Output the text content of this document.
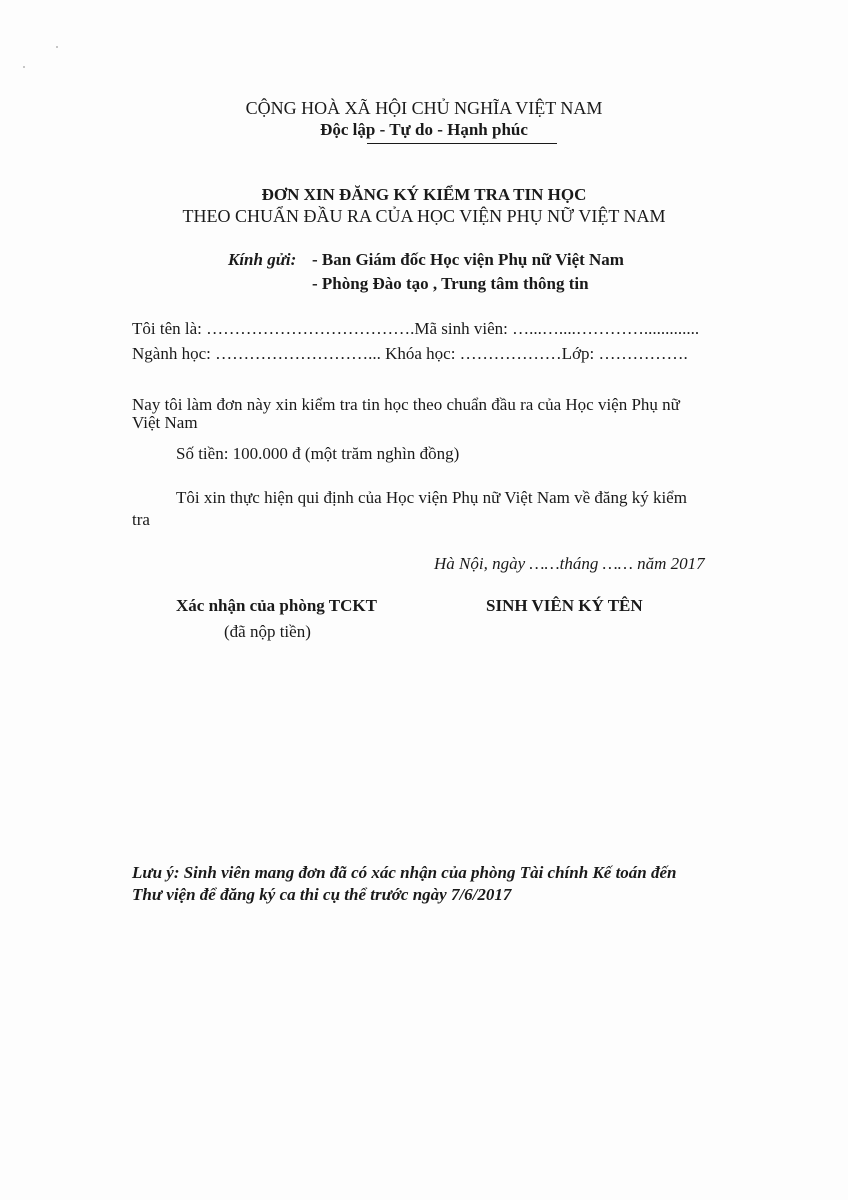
CỘNG HOÀ XÃ HỘI CHỦ NGHĨA VIỆT NAM
Độc lập - Tự do - Hạnh phúc
ĐƠN XIN ĐĂNG KÝ KIỂM TRA TIN HỌC
THEO CHUẨN ĐẦU RA CỦA HỌC VIỆN PHỤ NỮ VIỆT NAM
Kính gửi: - Ban Giám đốc Học viện Phụ nữ Việt Nam
- Phòng Đào tạo , Trung tâm thông tin
Tôi tên là: ……………………………….Mã sinh viên: …...…....………….............
Ngành học: ………………………... Khóa học: ………………Lớp: …………….
Nay tôi làm đơn này xin kiểm tra tin học theo chuẩn đầu ra của Học viện Phụ nữ
Việt Nam
Số tiền: 100.000 đ (một trăm nghìn đồng)
Tôi xin thực hiện qui định của Học viện Phụ nữ Việt Nam về đăng ký kiểm
tra
Hà Nội, ngày ……tháng …… năm 2017
Xác nhận của phòng TCKT
(đã nộp tiền)
SINH VIÊN KÝ TÊN
Lưu ý: Sinh viên mang đơn đã có xác nhận của phòng Tài chính Kế toán đến
Thư viện để đăng ký ca thi cụ thể trước ngày 7/6/2017
